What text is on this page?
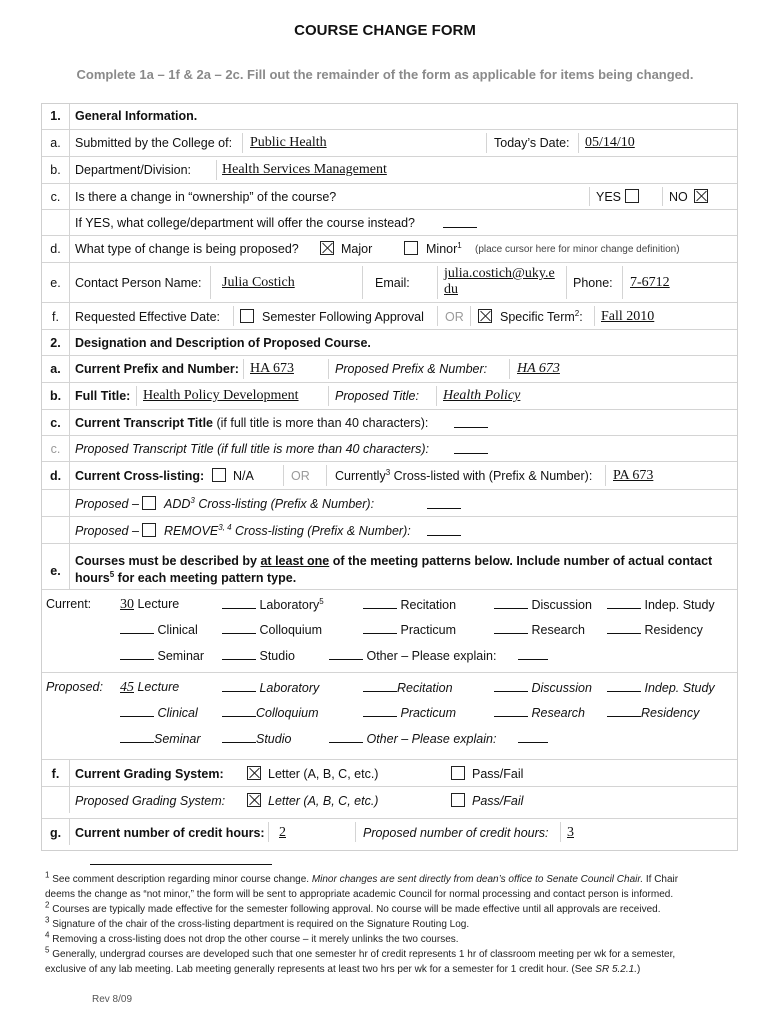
COURSE CHANGE FORM
Complete 1a – 1f & 2a – 2c. Fill out the remainder of the form as applicable for items being changed.
1.	General Information.
a.	Submitted by the College of: Public Health	Today’s Date: 05/14/10
b.	Department/Division: Health Services Management
c.	Is there a change in “ownership” of the course?	YES	NO
If YES, what college/department will offer the course instead?
d.	What type of change is being proposed?	Major	Minor$^1$ (place cursor here for minor change definition)
e.	Contact Person Name: Julia Costich	Email:
julia.costich@uky.e
du	Phone: 7-6712
f.	Requested Effective Date:	Semester Following Approval OR	Specific Term$^2$: Fall 2010
2.	Designation and Description of Proposed Course.
a.	Current Prefix and Number: HA 673	Proposed Prefix & Number: HA 673
b.	Full Title: Health Policy Development	Proposed Title: Health Policy
c.	Current Transcript Title (if full title is more than 40 characters):
c.	Proposed Transcript Title (if full title is more than 40 characters):
d.	Current Cross-listing: N/A	OR Currently$^3$ Cross-listed with (Prefix & Number): PA 673
Proposed – ADD$^3$ Cross-listing (Prefix & Number):
Proposed – REMOVE$^{3, 4}$ Cross-listing (Prefix & Number):
e.
Courses must be described by at least one of the meeting patterns below. Include number of actual contact
hours$^5$ for each meeting pattern type.
Current: 30 Lecture	Laboratory$^5$	Recitation	Discussion	Indep. Study
Clinical	Colloquium	Practicum	Research	Residency
Seminar	Studio	Other – Please explain:
Proposed: 45 Lecture	Laboratory	Recitation	Discussion	Indep. Study
Clinical	Colloquium	Practicum	Research	Residency
Seminar	Studio	Other – Please explain:
f.	Current Grading System:	Letter (A, B, C, etc.)	Pass/Fail
Proposed Grading System:	Letter (A, B, C, etc.)	Pass/Fail
g.	Current number of credit hours: 2	Proposed number of credit hours: 3
$^1$ See comment description regarding minor course change. Minor changes are sent directly from dean’s office to Senate Council Chair. If Chair
deems the change as “not minor,” the form will be sent to appropriate academic Council for normal processing and contact person is informed.
$^2$ Courses are typically made effective for the semester following approval. No course will be made effective until all approvals are received.
$^3$ Signature of the chair of the cross-listing department is required on the Signature Routing Log.
$^4$ Removing a cross-listing does not drop the other course – it merely unlinks the two courses.
$^5$ Generally, undergrad courses are developed such that one semester hr of credit represents 1 hr of classroom meeting per wk for a semester,
exclusive of any lab meeting. Lab meeting generally represents at least two hrs per wk for a semester for 1 credit hour. (See SR 5.2.1.)
Rev 8/09
